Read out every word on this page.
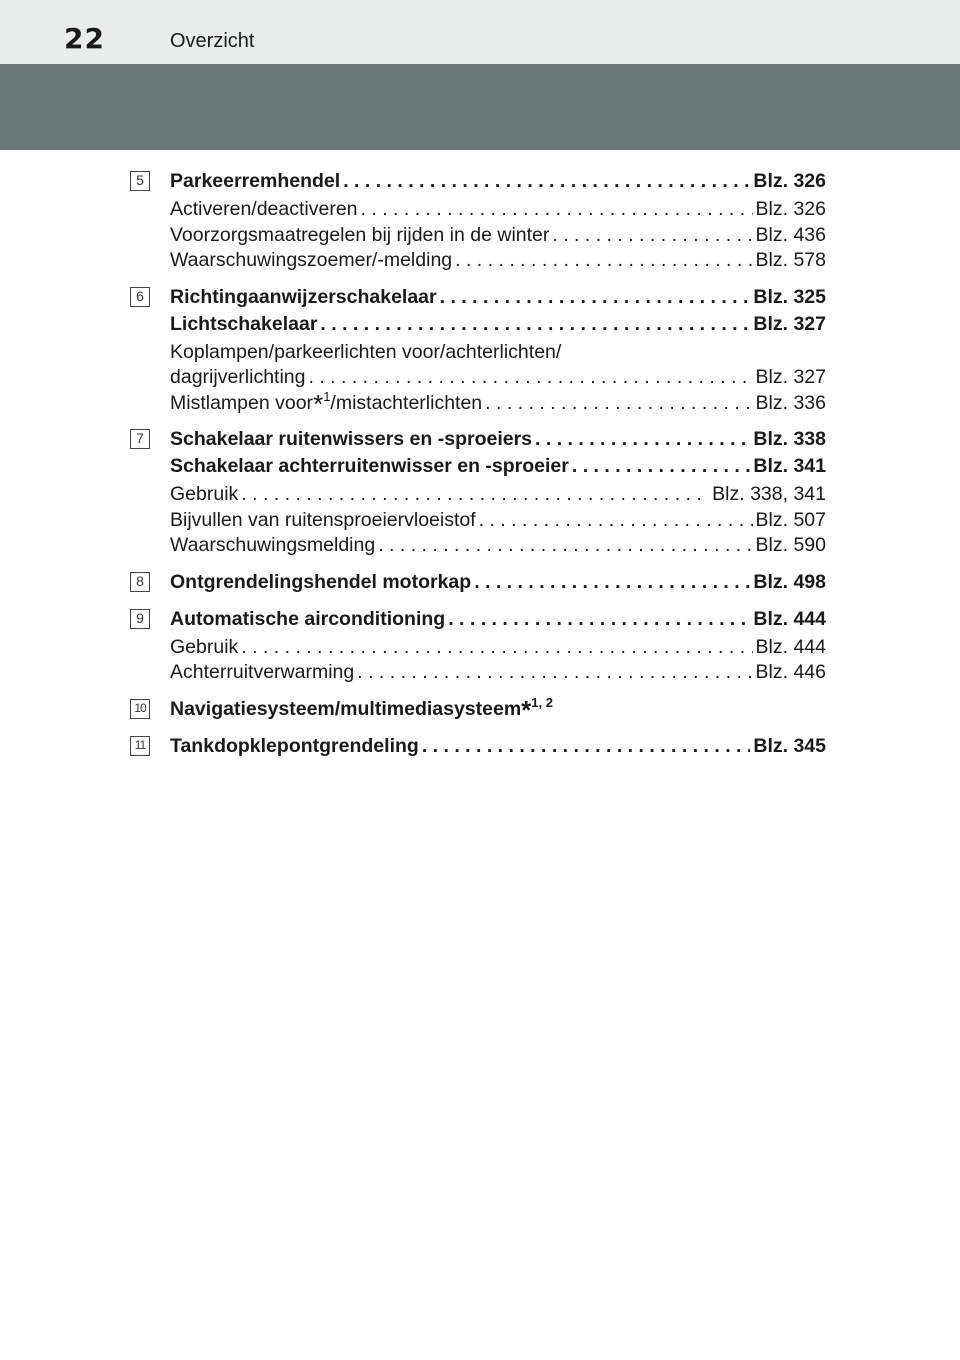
22	Overzicht
5	Parkeerremhendel . . .	Blz. 326
Activeren/deactiveren . . .	Blz. 326
Voorzorgsmaatregelen bij rijden in de winter . . .	Blz. 436
Waarschuwingszoemer/-melding . . .	Blz. 578
6	Richtingaanwijzerschakelaar . . .	Blz. 325
Lichtschakelaar . . .	Blz. 327
Koplampen/parkeerlichten voor/achterlichten/
dagrijverlichting . . .	Blz. 327
Mistlampen voor*$^1$/mistachterlichten . . .	Blz. 336
7	Schakelaar ruitenwissers en -sproeiers . . .	Blz. 338
Schakelaar achterruitenwisser en -sproeier . . .	Blz. 341
Gebruik . . .	Blz. 338, 341
Bijvullen van ruitensproeiervloeistof . . .	Blz. 507
Waarschuwingsmelding . . .	Blz. 590
8	Ontgrendelingshendel motorkap . . .	Blz. 498
9	Automatische airconditioning . . .	Blz. 444
Gebruik . . .	Blz. 444
Achterruitverwarming . . .	Blz. 446
10 Navigatiesysteem/multimediasysteem*$^{1, 2}$
11 Tankdopklepontgrendeling . . .	Blz. 345
